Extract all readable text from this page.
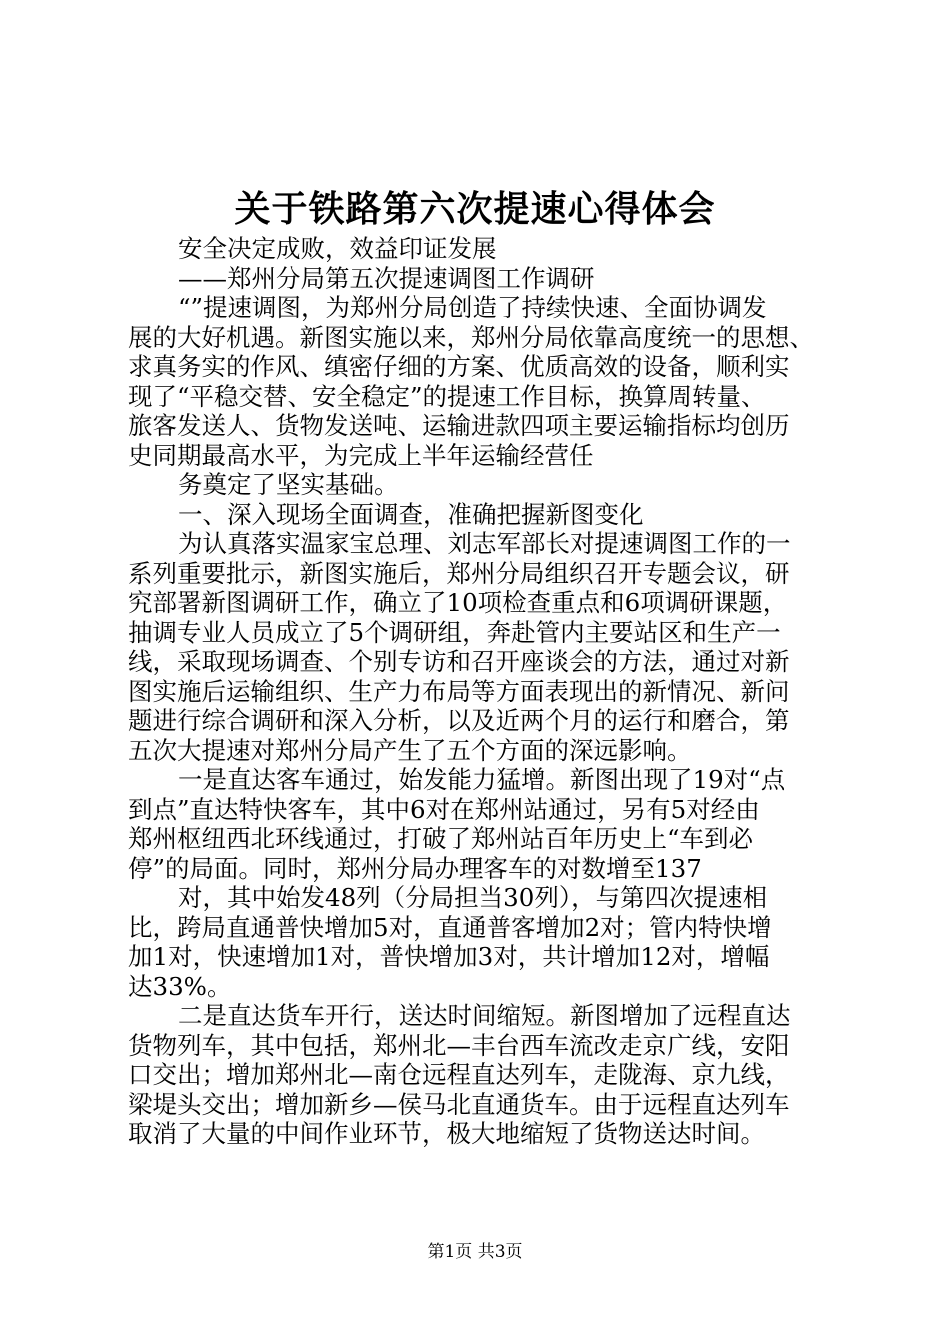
关于铁路第六次提速心得体会
安全决定成败，效益印证发展
——郑州分局第五次提速调图工作调研
“”提速调图，为郑州分局创造了持续快速、全面协调发
展的大好机遇。新图实施以来，郑州分局依靠高度统一的思想、
求真务实的作风、缜密仔细的方案、优质高效的设备，顺利实
现了“平稳交替、安全稳定”的提速工作目标，换算周转量、
旅客发送人、货物发送吨、运输进款四项主要运输指标均创历
史同期最高水平，为完成上半年运输经营任
务奠定了坚实基础。
一、深入现场全面调查，准确把握新图变化
为认真落实温家宝总理、刘志军部长对提速调图工作的一
系列重要批示，新图实施后，郑州分局组织召开专题会议，研
究部署新图调研工作，确立了10项检查重点和6项调研课题，
抽调专业人员成立了5个调研组，奔赴管内主要站区和生产一
线，采取现场调查、个别专访和召开座谈会的方法，通过对新
图实施后运输组织、生产力布局等方面表现出的新情况、新问
题进行综合调研和深入分析，以及近两个月的运行和磨合，第
五次大提速对郑州分局产生了五个方面的深远影响。
一是直达客车通过，始发能力猛增。新图出现了19对“点
到点”直达特快客车，其中6对在郑州站通过，另有5对经由
郑州枢纽西北环线通过，打破了郑州站百年历史上“车到必
停”的局面。同时，郑州分局办理客车的对数增至137
对，其中始发48列（分局担当30列），与第四次提速相
比，跨局直通普快增加5对，直通普客增加2对；管内特快增
加1对，快速增加1对，普快增加3对，共计增加12对，增幅
达33%。
二是直达货车开行，送达时间缩短。新图增加了远程直达
货物列车，其中包括，郑州北—丰台西车流改走京广线，安阳
口交出；增加郑州北—南仓远程直达列车，走陇海、京九线，
梁堤头交出；增加新乡—侯马北直通货车。由于远程直达列车
取消了大量的中间作业环节，极大地缩短了货物送达时间。
第1页 共3页
